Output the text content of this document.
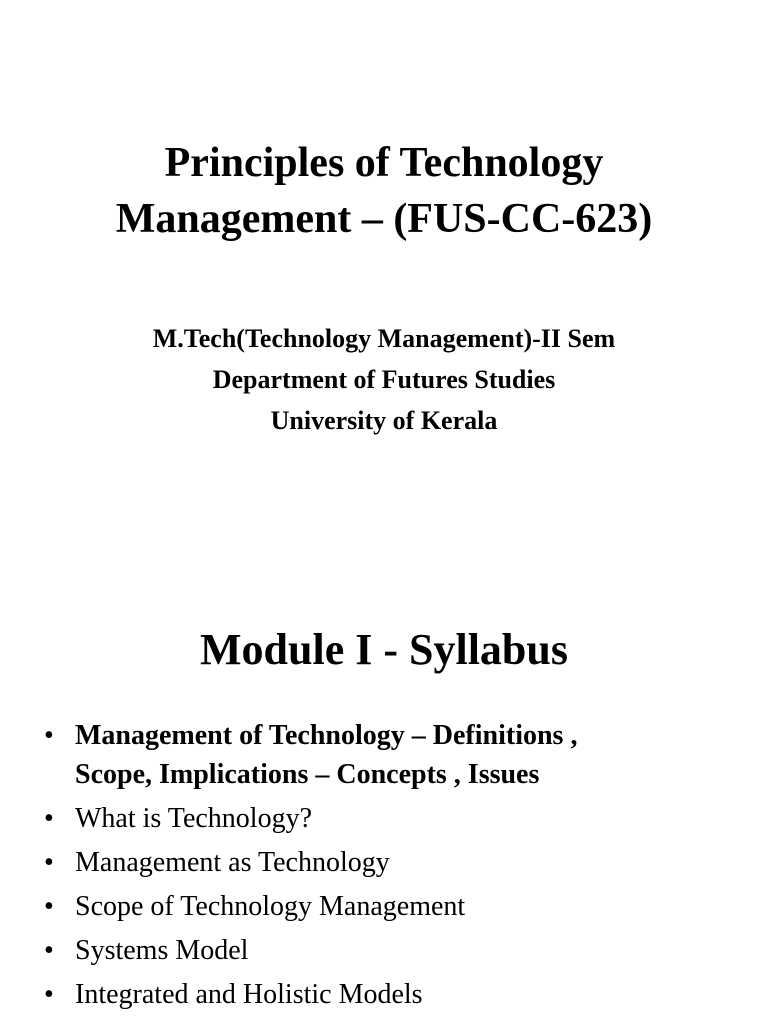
Principles of Technology
Management – (FUS-CC-623)
M.Tech(Technology Management)-II Sem
Department of Futures Studies
University of Kerala
Module I - Syllabus
• Management of Technology – Definitions ,
Scope, Implications – Concepts , Issues
• What is Technology?
• Management as Technology
• Scope of Technology Management
• Systems Model
• Integrated and Holistic Models
